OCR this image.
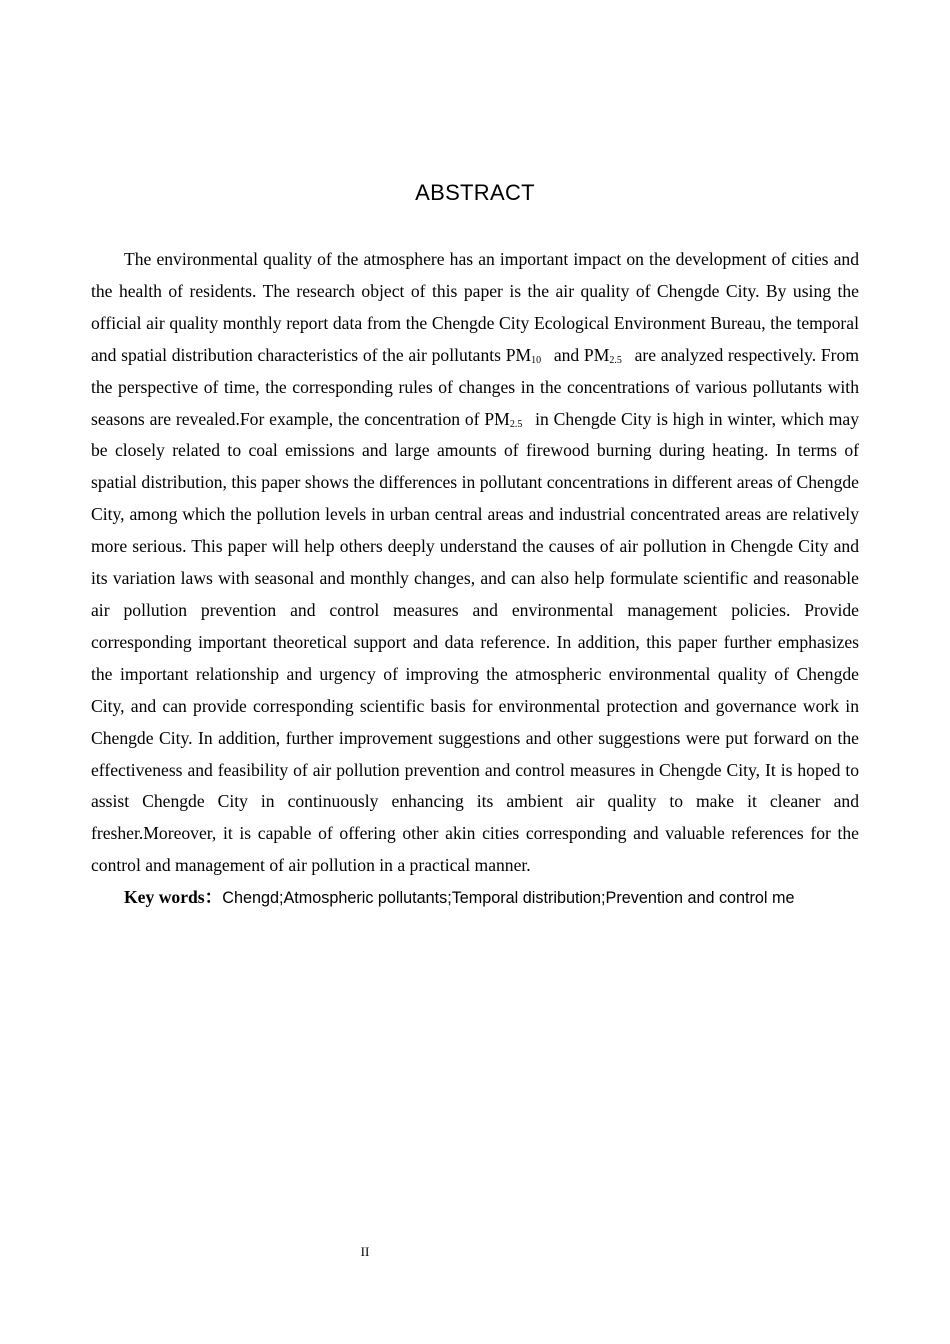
ABSTRACT

The environmental quality of the atmosphere has an important impact on the development of cities and the health of residents. The research object of this paper is the air quality of Chengde City. By using the official air quality monthly report data from the Chengde City Ecological Environment Bureau, the temporal and spatial distribution characteristics of the air pollutants $PM_{10}$ and $PM_{2.5}$ are analyzed respectively. From the perspective of time, the corresponding rules of changes in the concentrations of various pollutants with seasons are revealed.For example, the concentration of $PM_{2.5}$ in Chengde City is high in winter, which may be closely related to coal emissions and large amounts of firewood burning during heating. In terms of spatial distribution, this paper shows the differences in pollutant concentrations in different areas of Chengde City, among which the pollution levels in urban central areas and industrial concentrated areas are relatively more serious. This paper will help others deeply understand the causes of air pollution in Chengde City and its variation laws with seasonal and monthly changes, and can also help formulate scientific and reasonable air pollution prevention and control measures and environmental management policies. Provide corresponding important theoretical support and data reference. In addition, this paper further emphasizes the important relationship and urgency of improving the atmospheric environmental quality of Chengde City, and can provide corresponding scientific basis for environmental protection and governance work in Chengde City. In addition, further improvement suggestions and other suggestions were put forward on the effectiveness and feasibility of air pollution prevention and control measures in Chengde City, It is hoped to assist Chengde City in continuously enhancing its ambient air quality to make it cleaner and fresher.Moreover, it is capable of offering other akin cities corresponding and valuable references for the control and management of air pollution in a practical manner.

Key words：Chengd;Atmospheric pollutants;Temporal distribution;Prevention and control me

II
